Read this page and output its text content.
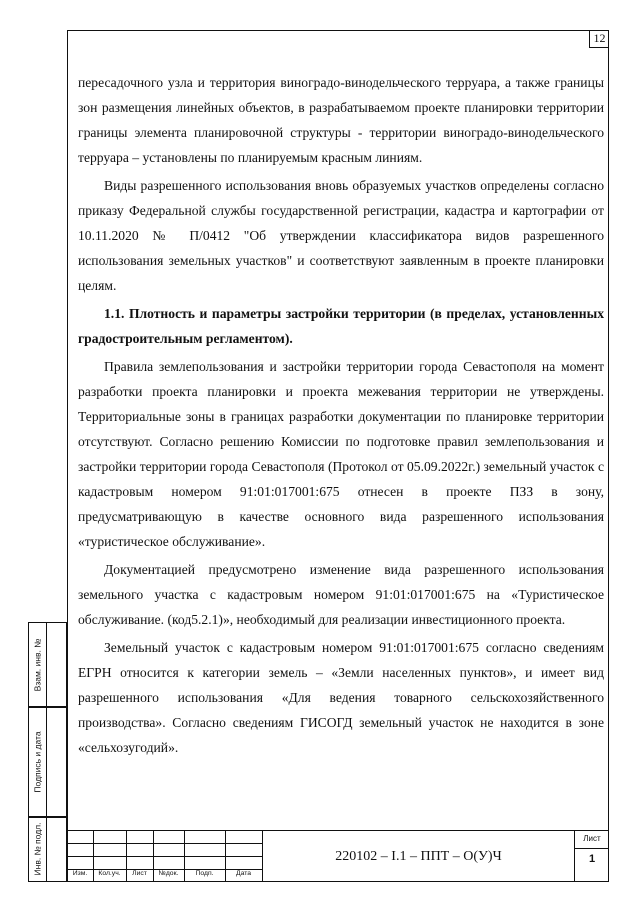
12

пересадочного узла и территория виноградо-винодельческого терруара, а также границы зон размещения линейных объектов, в разрабатываемом проекте планировки территории границы элемента планировочной структуры - территории виноградо-винодельческого терруара – установлены по планируемым красным линиям.

Виды разрешенного использования вновь образуемых участков определены согласно приказу Федеральной службы государственной регистрации, кадастра и картографии от 10.11.2020 № П/0412 "Об утверждении классификатора видов разрешенного использования земельных участков" и соответствуют заявленным в проекте планировки целям.

1.1. Плотность и параметры застройки территории (в пределах, установленных градостроительным регламентом).

Правила землепользования и застройки территории города Севастополя на момент разработки проекта планировки и проекта межевания территории не утверждены. Территориальные зоны в границах разработки документации по планировке территории отсутствуют. Согласно решению Комиссии по подготовке правил землепользования и застройки территории города Севастополя (Протокол от 05.09.2022г.) земельный участок с кадастровым номером 91:01:017001:675 отнесен в проекте ПЗЗ в зону, предусматривающую в качестве основного вида разрешенного использования «туристическое обслуживание».

Документацией предусмотрено изменение вида разрешенного использования земельного участка с кадастровым номером 91:01:017001:675 на «Туристическое обслуживание. (код5.2.1)», необходимый для реализации инвестиционного проекта.

Земельный участок с кадастровым номером 91:01:017001:675 согласно сведениям ЕГРН относится к категории земель – «Земли населенных пунктов», и имеет вид разрешенного использования «Для ведения товарного сельскохозяйственного производства». Согласно сведениям ГИСОГД земельный участок не находится в зоне «сельхозугодий».

Взам. инв. №
Подпись и дата
Инв. № подл.	Изм.	Кол.уч.	Лист	№док.	Подп.	Дата
220102 – I.1 – ППТ – О(У)Ч
Лист
1
